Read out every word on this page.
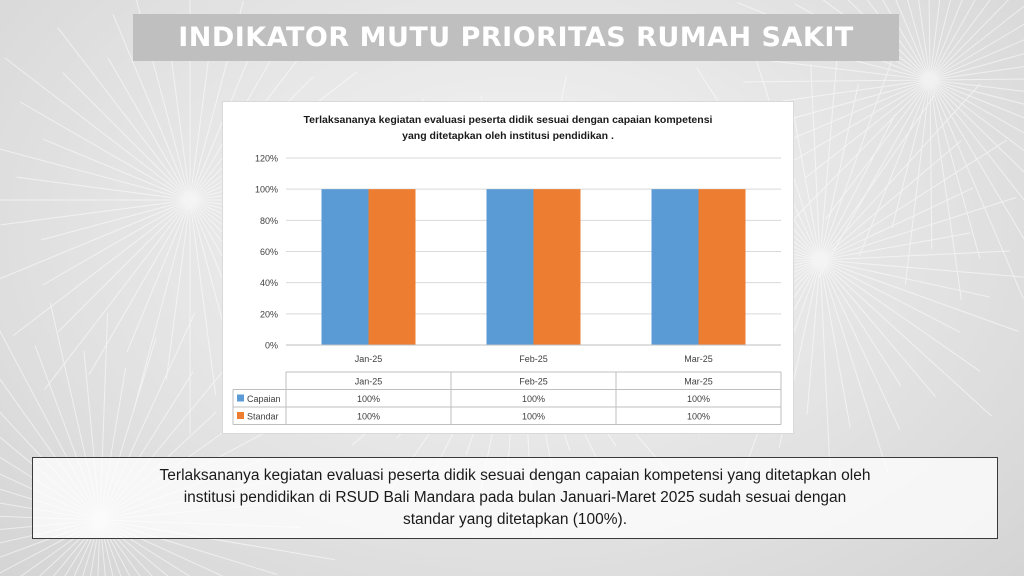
INDIKATOR MUTU PRIORITAS RUMAH SAKIT
0%
20%
40%
60%
80%
100%
120%
Jan-25	Feb-25	Mar-25
Jan-25	Feb-25	Mar-25
Capaian	100%	100%	100%
Standar	100%	100%	100%
Terlaksananya kegiatan evaluasi peserta didik sesuai dengan capaian kompetensi
yang ditetapkan oleh institusi pendidikan .

Terlaksananya kegiatan evaluasi peserta didik sesuai dengan capaian kompetensi yang ditetapkan oleh
institusi pendidikan di RSUD Bali Mandara pada bulan Januari-Maret 2025 sudah sesuai dengan
standar yang ditetapkan (100%).
